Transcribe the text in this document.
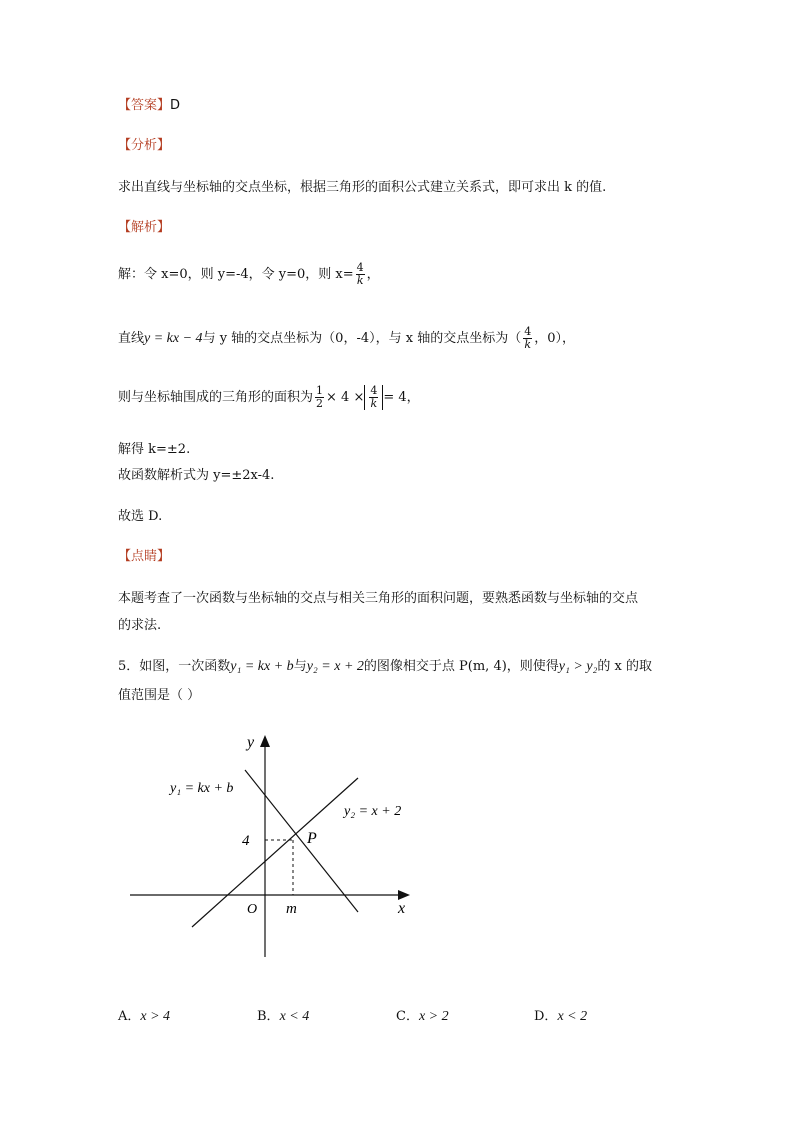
【答案】D
【分析】
求出直线与坐标轴的交点坐标，根据三角形的面积公式建立关系式，即可求出 k 的值.
【解析】
解：令 x=0，则 y=-4，令 y=0，则 $x= \frac{4}{k}$ ，
直线y = kx − 4与 y 轴的交点坐标为（0，-4），与 x 轴的交点坐标为（ $\frac{4}{k}$ ，0），
则与坐标轴围成的三角形的面积为 $\frac{1}{2} \times 4 \times \frac{4}{k} = 4$，
解得 k=±2.
故函数解析式为 y=±2x-4.
故选 D.
【点睛】
本题考查了一次函数与坐标轴的交点与相关三角形的面积问题，要熟悉函数与坐标轴的交点
的求法.
5．如图，一次函数y₁ = kx + b与y₂ = x + 2的图像相交于点 P(m, 4)，则使得y₁ > y₂的 x 的取
值范围是（ ）
y
x
O m
4	P
y₁ = kx + b
y₂ = x + 2
A．x > 4	B．x < 4	C．x > 2	D．x < 2
